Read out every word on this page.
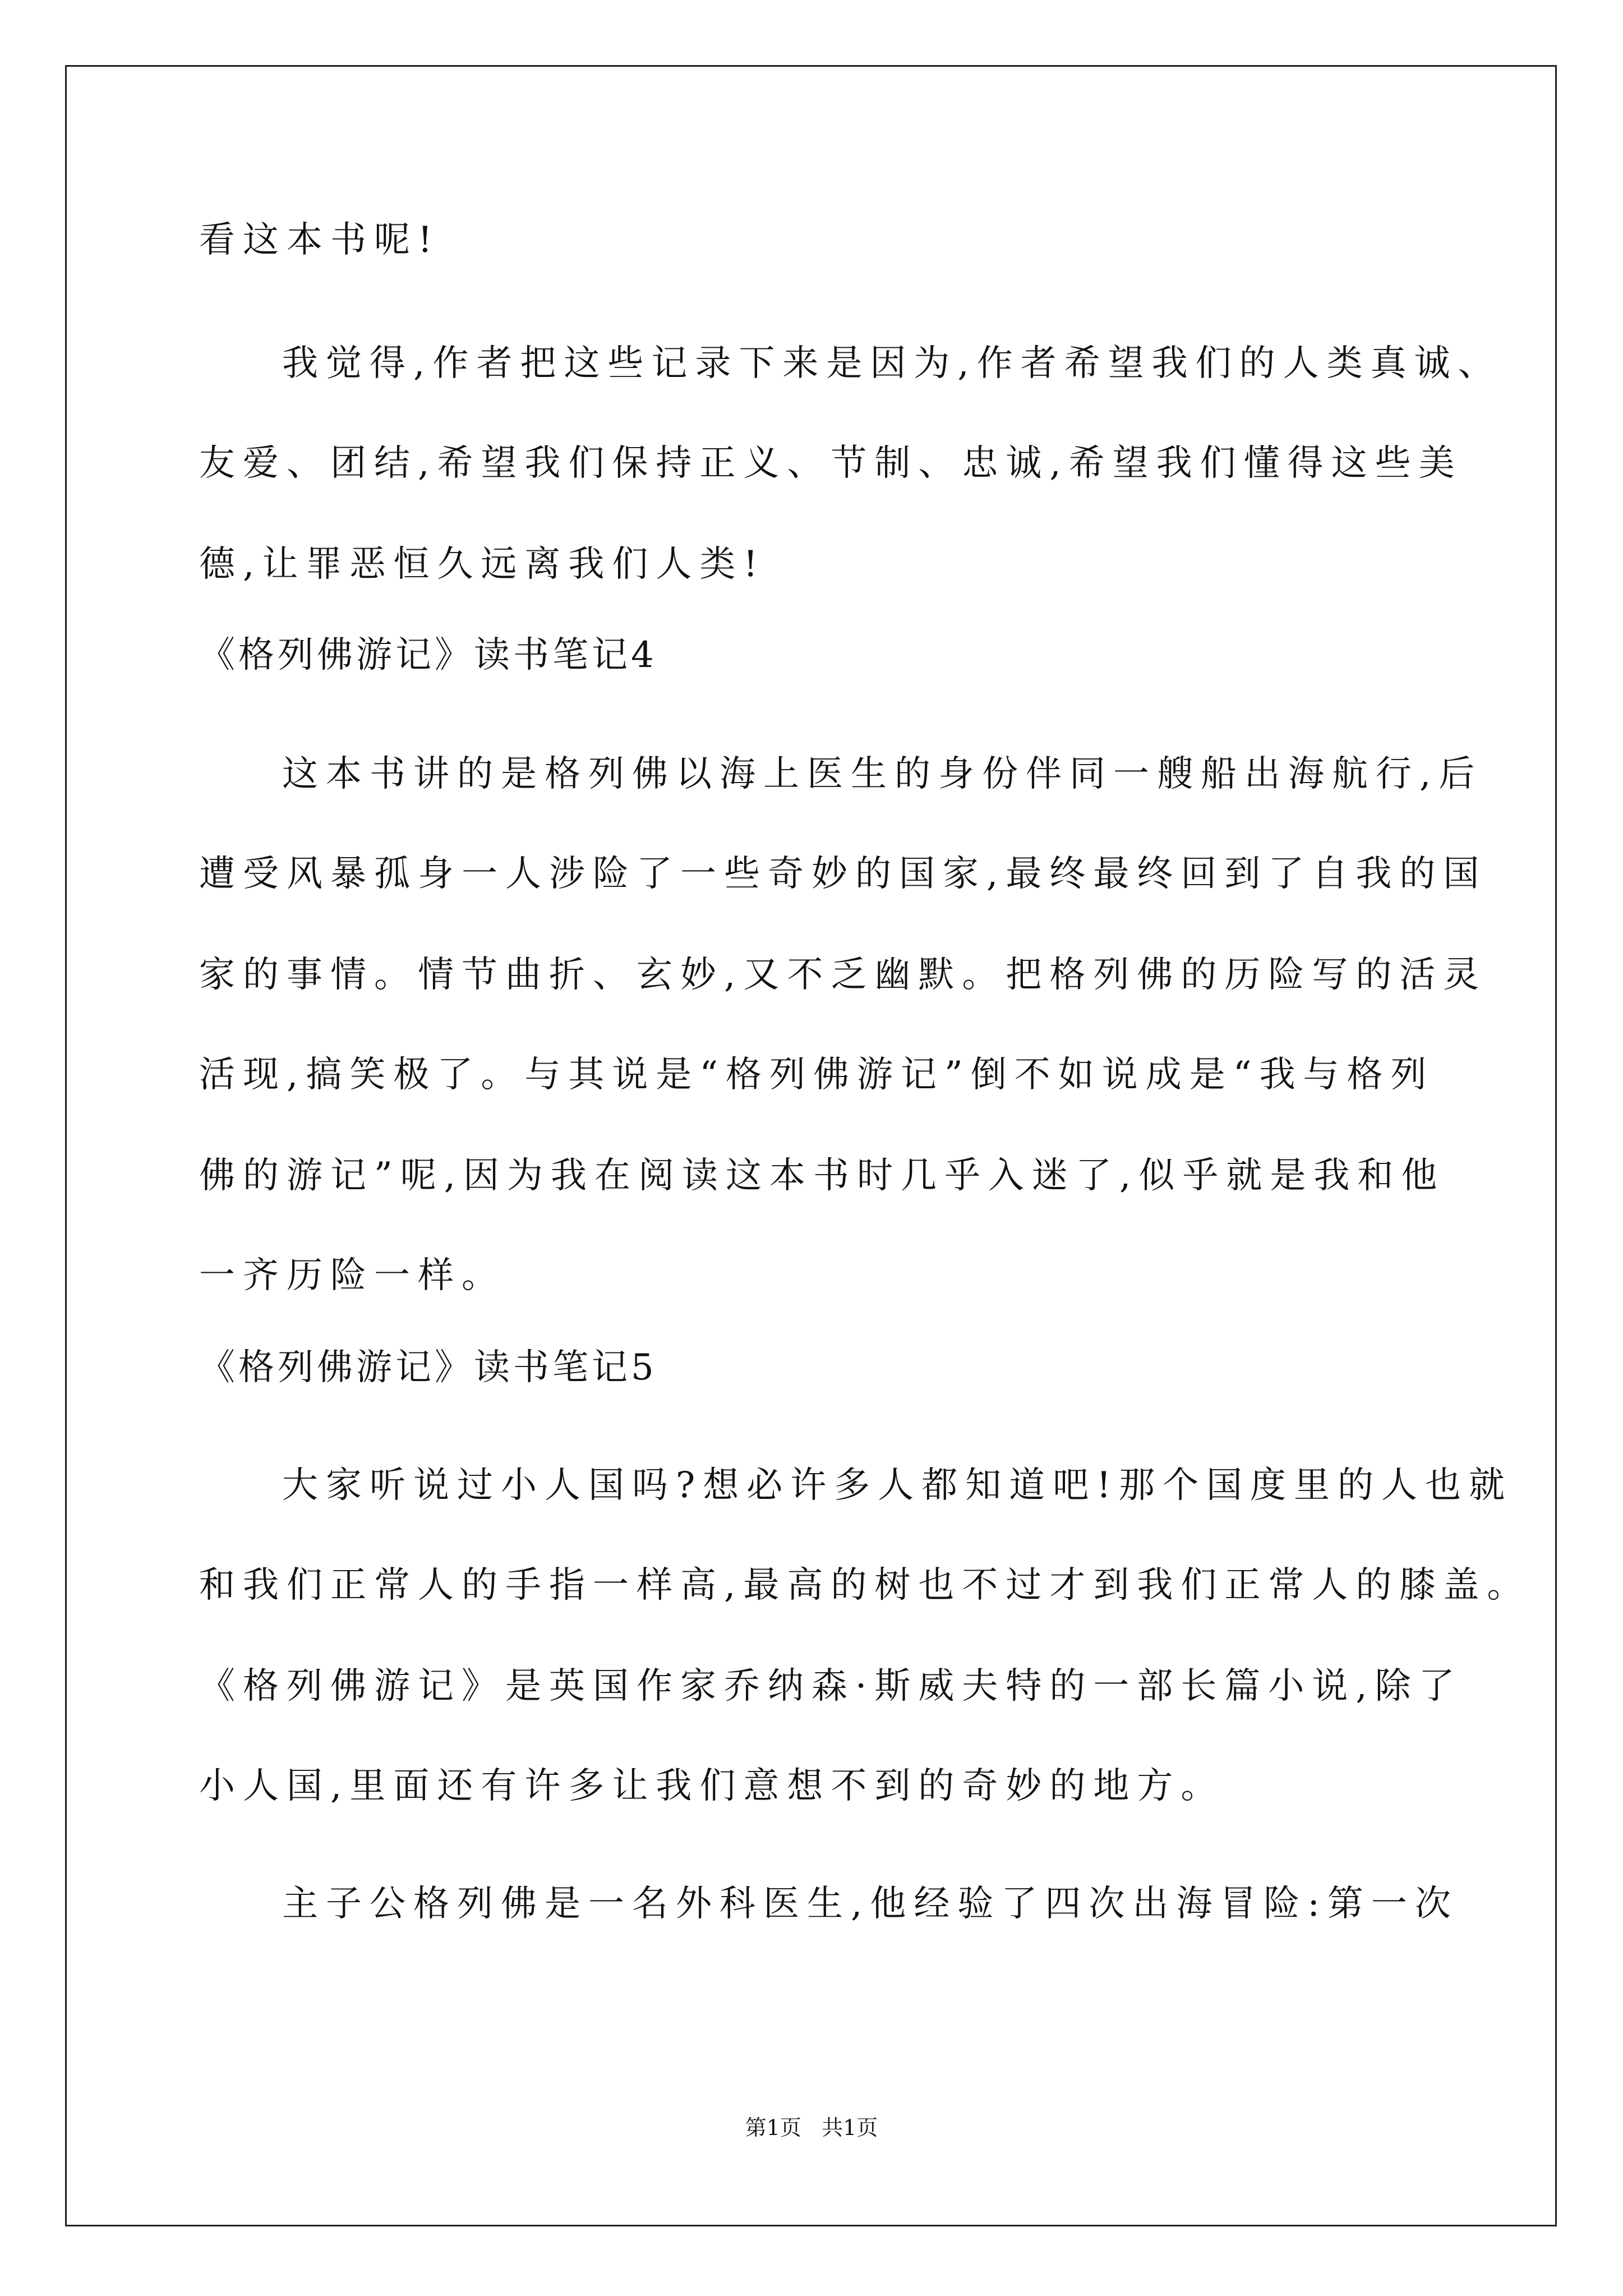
看这本书呢!
我觉得,作者把这些记录下来是因为,作者希望我们的人类真诚、
友爱、团结,希望我们保持正义、节制、忠诚,希望我们懂得这些美
德,让罪恶恒久远离我们人类!
《格列佛游记》读书笔记4
这本书讲的是格列佛以海上医生的身份伴同一艘船出海航行,后
遭受风暴孤身一人涉险了一些奇妙的国家,最终最终回到了自我的国
家的事情。情节曲折、玄妙,又不乏幽默。把格列佛的历险写的活灵
活现,搞笑极了。与其说是“格列佛游记”倒不如说成是“我与格列
佛的游记”呢,因为我在阅读这本书时几乎入迷了,似乎就是我和他
一齐历险一样。
《格列佛游记》读书笔记5
大家听说过小人国吗?想必许多人都知道吧!那个国度里的人也就
和我们正常人的手指一样高,最高的树也不过才到我们正常人的膝盖。
《格列佛游记》是英国作家乔纳森·斯威夫特的一部长篇小说,除了
小人国,里面还有许多让我们意想不到的奇妙的地方。
主子公格列佛是一名外科医生,他经验了四次出海冒险:第一次
第1页   共1页
